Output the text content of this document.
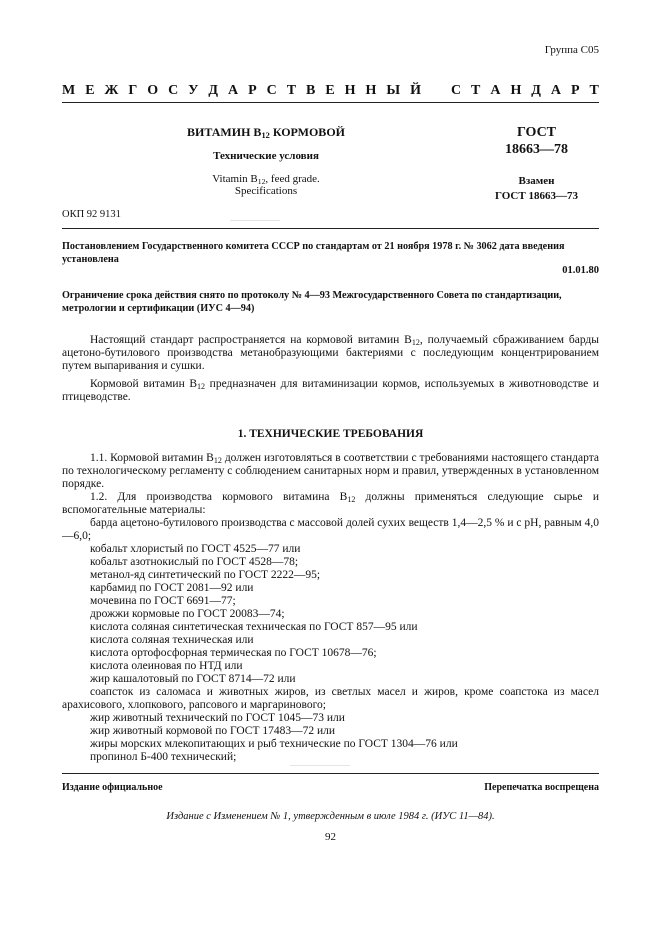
Группа С05
М Е Ж Г О С У Д А Р С Т В Е Н Н Ы Й С Т А Н Д А Р Т
ВИТАМИН $В_{12}$ КОРМОВОЙ
Технические условия
Vitamin $B_{12}$, feed grade.
Specifications
ГОСТ
18663—78
Взамен
ГОСТ 18663—73
ОКП 92 9131
Постановлением Государственного комитета СССР по стандартам от 21 ноября 1978 г. № 3062 дата введения установлена
01.01.80
Ограничение срока действия снято по протоколу № 4—93 Межгосударственного Совета по стандартизации, метрологии и сертификации (ИУС 4—94)

Настоящий стандарт распространяется на кормовой витамин $В_{12}$, получаемый сбраживанием барды ацетоно-бутилового производства метанобразующими бактериями с последующим концентрированием путем выпаривания и сушки.

Кормовой витамин $В_{12}$ предназначен для витаминизации кормов, используемых в животноводстве и птицеводстве.

1. ТЕХНИЧЕСКИЕ ТРЕБОВАНИЯ

1.1. Кормовой витамин $В_{12}$ должен изготовляться в соответствии с требованиями настоящего стандарта по технологическому регламенту с соблюдением санитарных норм и правил, утвержденных в установленном порядке.

1.2. Для производства кормового витамина $В_{12}$ должны применяться следующие сырье и вспомогательные материалы:

барда ацетоно-бутилового производства с массовой долей сухих веществ 1,4—2,5 % и с рН, равным 4,0—6,0;

кобальт хлористый по ГОСТ 4525—77 или
кобальт азотнокислый по ГОСТ 4528—78;
метанол-яд синтетический по ГОСТ 2222—95;
карбамид по ГОСТ 2081—92 или
мочевина по ГОСТ 6691—77;
дрожжи кормовые по ГОСТ 20083—74;
кислота соляная синтетическая техническая по ГОСТ 857—95 или
кислота соляная техническая или
кислота ортофосфорная термическая по ГОСТ 10678—76;
кислота олеиновая по НТД или
жир кашалотовый по ГОСТ 8714—72 или

соапсток из саломаса и животных жиров, из светлых масел и жиров, кроме соапстока из масел арахисового, хлопкового, рапсового и маргаринового;

жир животный технический по ГОСТ 1045—73 или
жир животный кормовой по ГОСТ 17483—72 или
жиры морских млекопитающих и рыб технические по ГОСТ 1304—76 или
пропинол Б-400 технический;
Издание официальное	Перепечатка воспрещена
Издание с Изменением № 1, утвержденным в июле 1984 г. (ИУС 11—84).
92
